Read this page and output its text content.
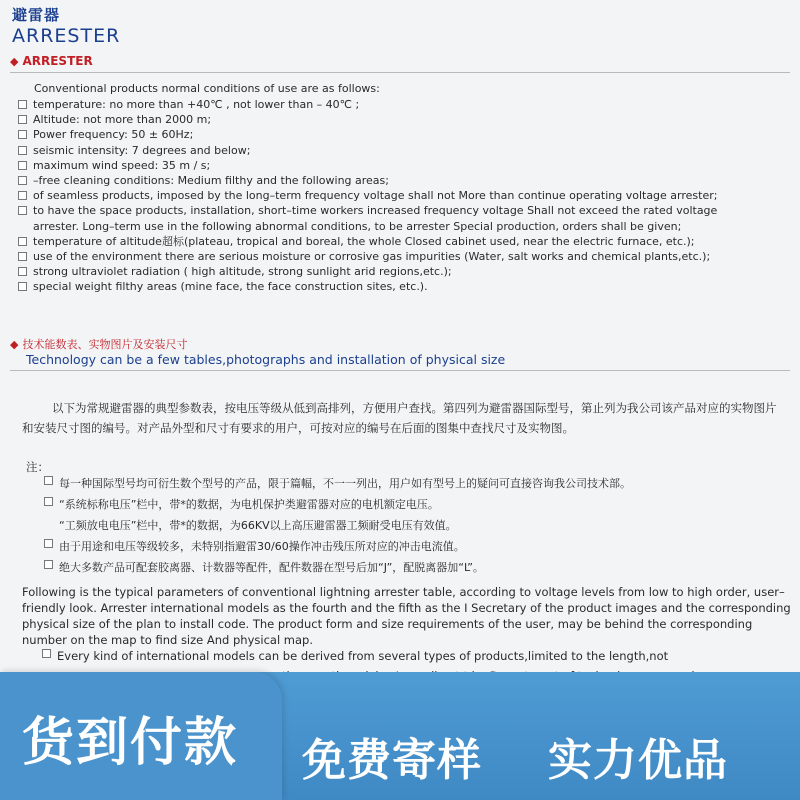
避雷器
ARRESTER
◆ ARRESTER
Conventional products normal conditions of use are as follows:
temperature: no more than +40℃ , not lower than – 40℃ ;
Altitude: not more than 2000 m;
Power frequency: 50 ± 60Hz;
seismic intensity: 7 degrees and below;
maximum wind speed: 35 m / s;
–free cleaning conditions: Medium filthy and the following areas;
of seamless products, imposed by the long–term frequency voltage shall not More than continue operating voltage arrester;
to have the space products, installation, short–time workers increased frequency voltage Shall not exceed the rated voltage
arrester. Long–term use in the following abnormal conditions, to be arrester Special production, orders shall be given;
temperature of altitude超标(plateau, tropical and boreal, the whole Closed cabinet used, near the electric furnace, etc.);
use of the environment there are serious moisture or corrosive gas impurities (Water, salt works and chemical plants,etc.);
strong ultraviolet radiation ( high altitude, strong sunlight arid regions,etc.);
special weight filthy areas (mine face, the face construction sites, etc.).
◆ 技术能数表、实物图片及安装尺寸
Technology can be a few tables,photographs and installation of physical size
以下为常规避雷器的典型参数表，按电压等级从低到高排列，方便用户查找。第四列为避雷器国际型号，第止列为我公司该产品对应的实物图片和安装尺寸图的编号。对产品外型和尺寸有要求的用户，可按对应的编号在后面的图集中查找尺寸及实物图。
注：
每一种国际型号均可衍生数个型号的产品，限于篇幅，不一一列出，用户如有型号上的疑问可直接咨询我公司技术部。
“系统标称电压”栏中，带*的数据，为电机保护类避雷器对应的电机额定电压。
“工频放电电压”栏中，带*的数据，为66KV以上高压避雷器工频耐受电压有效值。
由于用途和电压等级较多，未特别指避雷30/60操作冲击残压所对应的冲击电流值。
绝大多数产品可配套胶离器、计数器等配件，配件数器在型号后加“J”，配脱离器加“L”。
Following is the typical parameters of conventional lightning arrester table, according to voltage levels from low to high order, user–friendly look. Arrester international models as the fourth and the fifth as the I Secretary of the product images and the corresponding physical size of the plan to install code. The product form and size requirements of the user, may be behind the corresponding number on the map to find size And physical map.
Every kind of international models can be derived from several types of products,limited to the length,not
货到付款 免费寄样 实力优品
